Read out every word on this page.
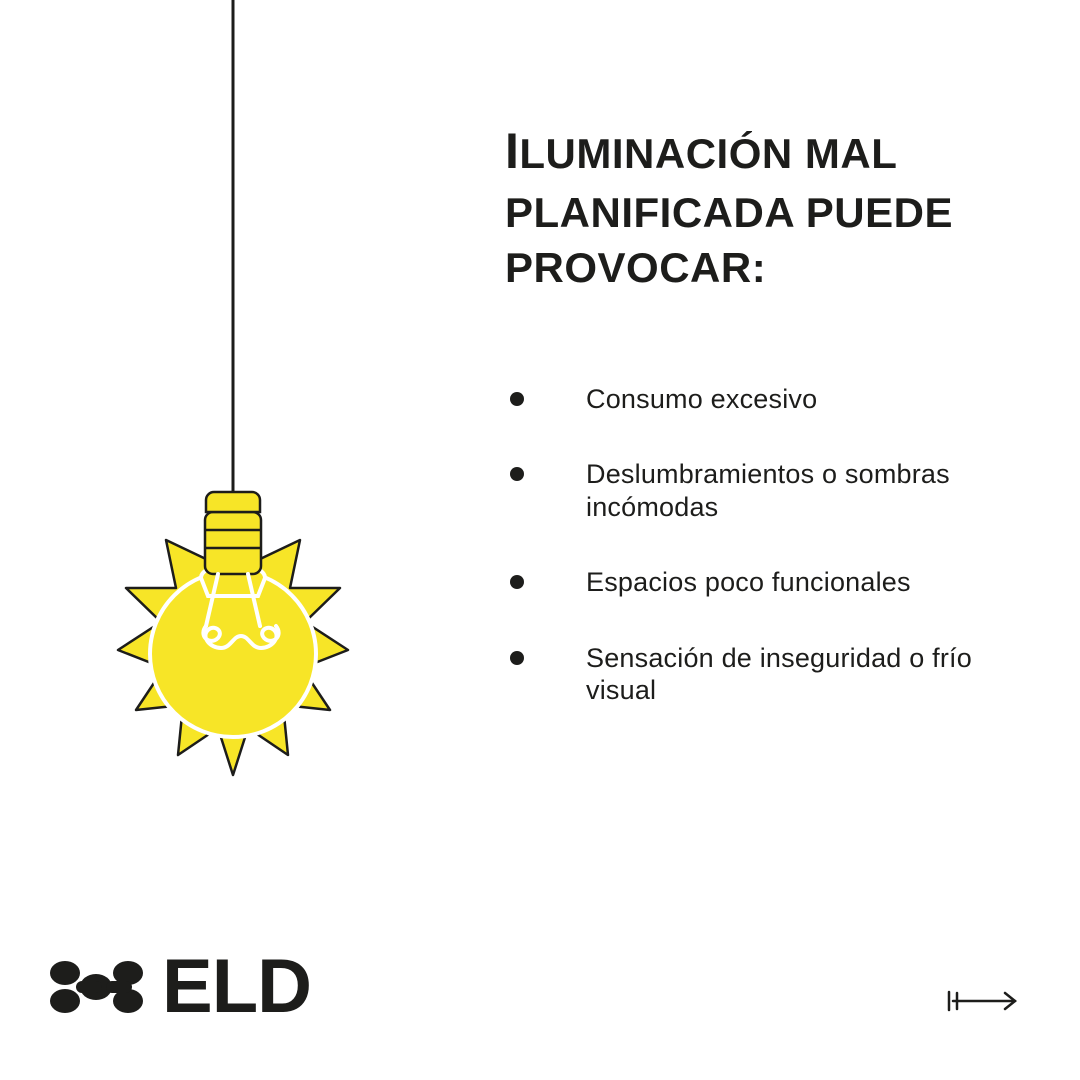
ILUMINACIÓN MAL PLANIFICADA PUEDE PROVOCAR:
Consumo excesivo
Deslumbramientos o sombras incómodas
Espacios poco funcionales
Sensación de inseguridad o frío visual
ELD
